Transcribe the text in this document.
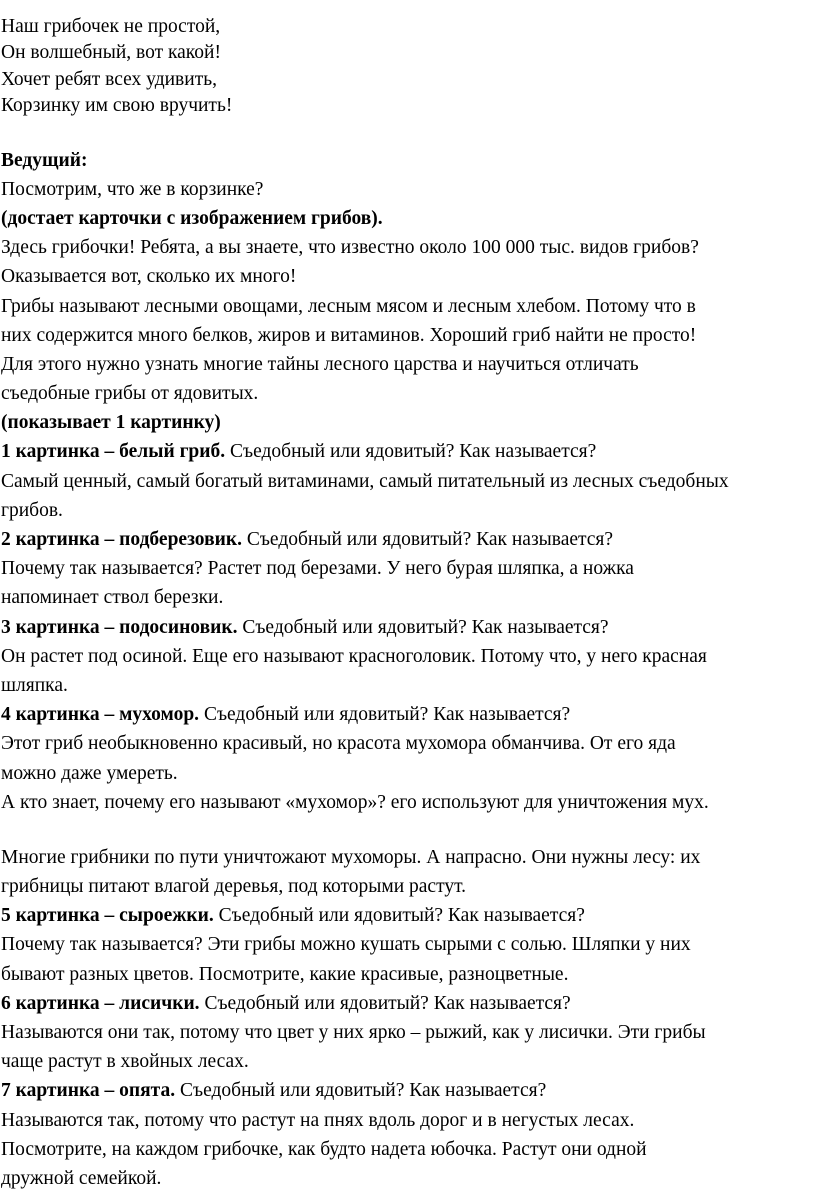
Наш грибочек не простой,
Он волшебный, вот какой!
Хочет ребят всех удивить,
Корзинку им свою вручить!
Ведущий:
Посмотрим, что же в корзинке?
(достает карточки с изображением грибов).
Здесь грибочки! Ребята, а вы знаете, что известно около 100 000 тыс. видов грибов?
Оказывается вот, сколько их много!
Грибы называют лесными овощами, лесным мясом и лесным хлебом. Потому что в
них содержится много белков, жиров и витаминов. Хороший гриб найти не просто!
Для этого нужно узнать многие тайны лесного царства и научиться отличать
съедобные грибы от ядовитых.
(показывает 1 картинку)
1 картинка – белый гриб. Съедобный или ядовитый? Как называется?
Самый ценный, самый богатый витаминами, самый питательный из лесных съедобных
грибов.
2 картинка – подберезовик. Съедобный или ядовитый? Как называется?
Почему так называется? Растет под березами. У него бурая шляпка, а ножка
напоминает ствол березки.
3 картинка – подосиновик. Съедобный или ядовитый? Как называется?
Он растет под осиной. Еще его называют красноголовик. Потому что, у него красная
шляпка.
4 картинка – мухомор. Съедобный или ядовитый? Как называется?
Этот гриб необыкновенно красивый, но красота мухомора обманчива. От его яда
можно даже умереть.
А кто знает, почему его называют «мухомор»? его используют для уничтожения мух.
Многие грибники по пути уничтожают мухоморы. А напрасно. Они нужны лесу: их
грибницы питают влагой деревья, под которыми растут.
5 картинка – сыроежки. Съедобный или ядовитый? Как называется?
Почему так называется? Эти грибы можно кушать сырыми с солью. Шляпки у них
бывают разных цветов. Посмотрите, какие красивые, разноцветные.
6 картинка – лисички. Съедобный или ядовитый? Как называется?
Называются они так, потому что цвет у них ярко – рыжий, как у лисички. Эти грибы
чаще растут в хвойных лесах.
7 картинка – опята. Съедобный или ядовитый? Как называется?
Называются так, потому что растут на пнях вдоль дорог и в негустых лесах.
Посмотрите, на каждом грибочке, как будто надета юбочка. Растут они одной
дружной семейкой.
